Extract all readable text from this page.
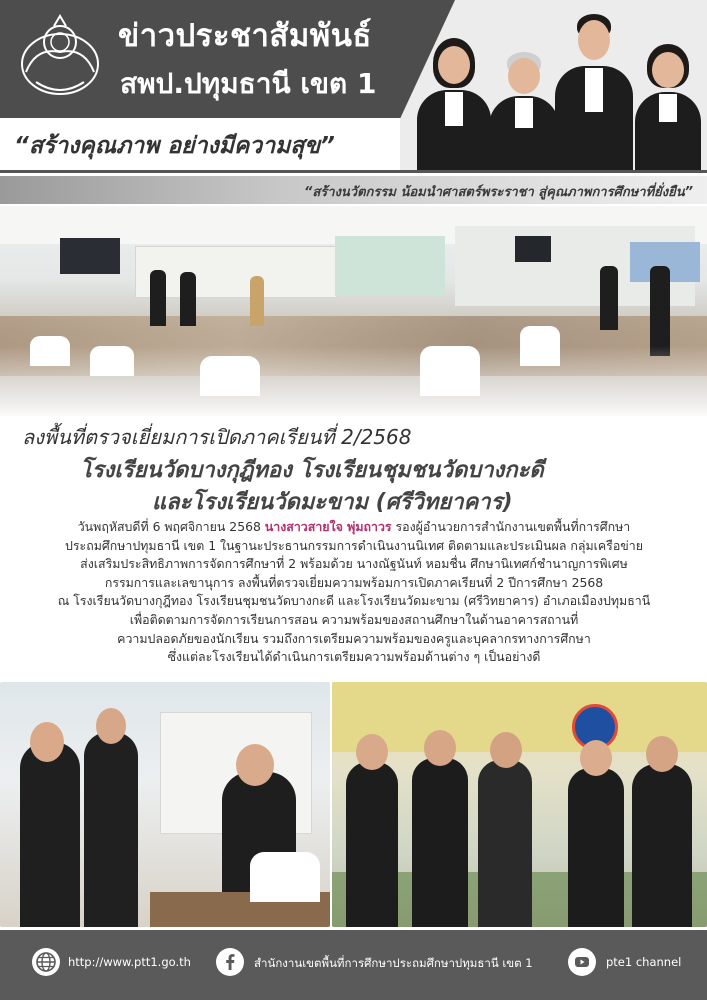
ข่าวประชาสัมพันธ์
สพป.ปทุมธานี เขต 1
“สร้างคุณภาพ อย่างมีความสุข”
“สร้างนวัตกรรม น้อมนำศาสตร์พระราชา สู่คุณภาพการศึกษาที่ยั่งยืน”
ลงพื้นที่ตรวจเยี่ยมการเปิดภาคเรียนที่ 2/2568
โรงเรียนวัดบางกุฎีทอง โรงเรียนชุมชนวัดบางกะดี
และโรงเรียนวัดมะขาม (ศรีวิทยาคาร)
วันพฤหัสบดีที่ 6 พฤศจิกายน 2568 นางสาวสายใจ พุ่มถาวร รองผู้อำนวยการสำนักงานเขตพื้นที่การศึกษา
ประถมศึกษาปทุมธานี เขต 1 ในฐานะประธานกรรมการดำเนินงานนิเทศ ติดตามและประเมินผล กลุ่มเครือข่าย
ส่งเสริมประสิทธิภาพการจัดการศึกษาที่ 2 พร้อมด้วย นางณัฐนันท์ หอมชื่น ศึกษานิเทศก์ชำนาญการพิเศษ
กรรมการและเลขานุการ ลงพื้นที่ตรวจเยี่ยมความพร้อมการเปิดภาคเรียนที่ 2 ปีการศึกษา 2568
ณ โรงเรียนวัดบางกุฎีทอง โรงเรียนชุมชนวัดบางกะดี และโรงเรียนวัดมะขาม (ศรีวิทยาคาร) อำเภอเมืองปทุมธานี
เพื่อติดตามการจัดการเรียนการสอน ความพร้อมของสถานศึกษาในด้านอาคารสถานที่
ความปลอดภัยของนักเรียน รวมถึงการเตรียมความพร้อมของครูและบุคลากรทางการศึกษา
ซึ่งแต่ละโรงเรียนได้ดำเนินการเตรียมความพร้อมด้านต่าง ๆ เป็นอย่างดี
http://www.ptt1.go.th	สำนักงานเขตพื้นที่การศึกษาประถมศึกษาปทุมธานี เขต 1	pte1 channel
